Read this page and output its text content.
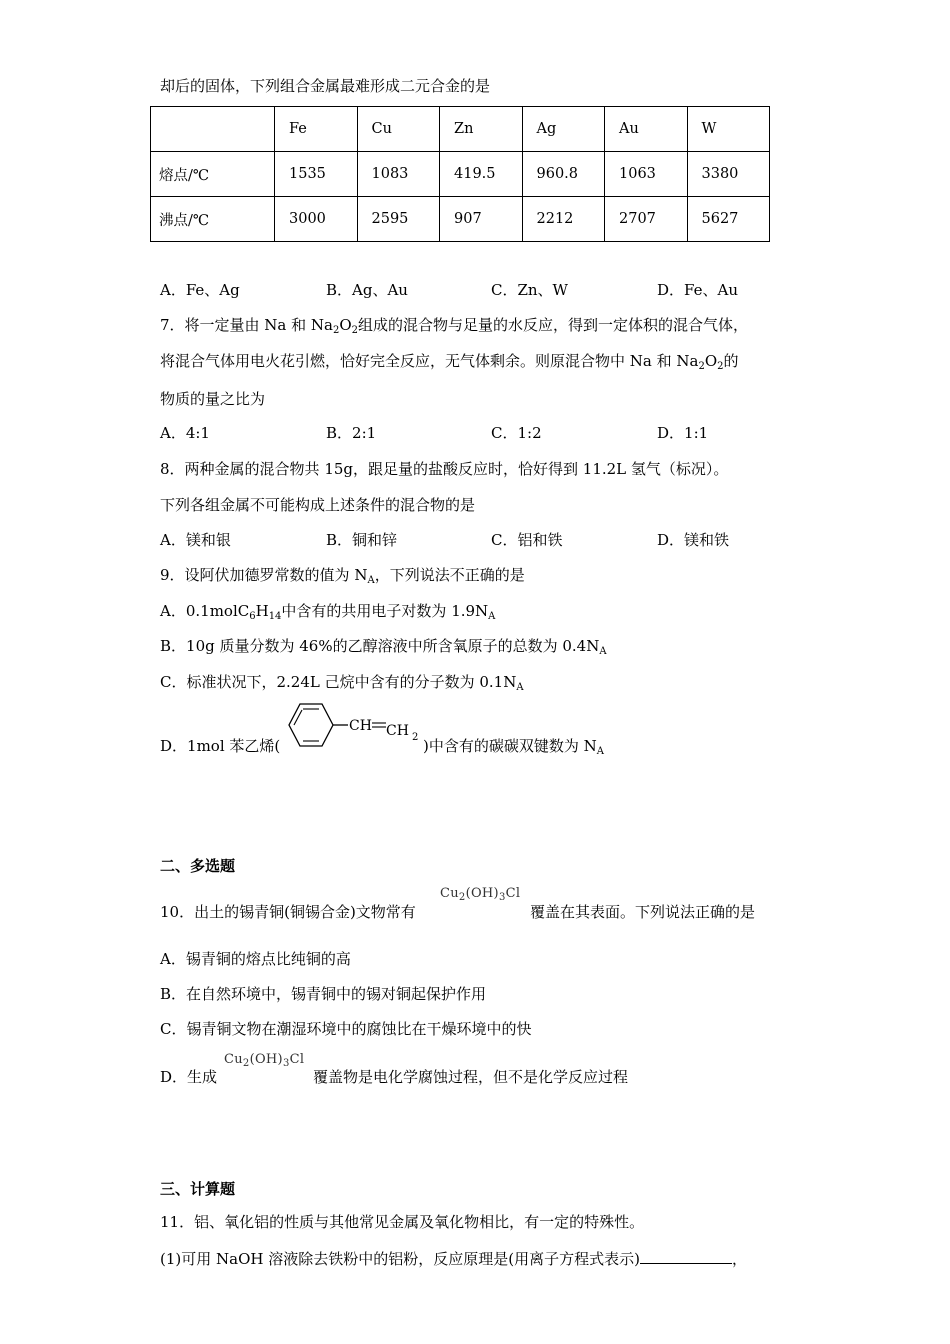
却后的固体，下列组合金属最难形成二元合金的是
	Fe	Cu	Zn	Ag	Au	W
熔点/℃	1535	1083	419.5	960.8	1063	3380
沸点/℃	3000	2595	907	2212	2707	5627
A．Fe、Ag	B．Ag、Au	C．Zn、W	D．Fe、Au
7．将一定量由 Na 和 $Na_2O_2$组成的混合物与足量的水反应，得到一定体积的混合气体，
将混合气体用电火花引燃，恰好完全反应，无气体剩余。则原混合物中 Na 和 $Na_2O_2$的
物质的量之比为
A．4:1	B．2:1	C．1:2	D．1:1
8．两种金属的混合物共 15g，跟足量的盐酸反应时，恰好得到 11.2L 氢气（标况）。
下列各组金属不可能构成上述条件的混合物的是
A．镁和银	B．铜和锌	C．铝和铁	D．镁和铁
9．设阿伏加德罗常数的值为 $N_A$，下列说法不正确的是
A．$0.1molC_6H_{14}$中含有的共用电子对数为 $1.9N_A$
B．10g 质量分数为 46%的乙醇溶液中所含氧原子的总数为 $0.4N_A$
C．标准状况下，2.24L 己烷中含有的分子数为 $0.1N_A$
D．1mol 苯乙烯(
CH CH 2 )中含有的碳碳双键数为 $N_A$
二、多选题
10．出土的锡青铜(铜锡合金)文物常有
$Cu_2(OH)_3Cl$
覆盖在其表面。下列说法正确的是
A．锡青铜的熔点比纯铜的高
B．在自然环境中，锡青铜中的锡对铜起保护作用
C．锡青铜文物在潮湿环境中的腐蚀比在干燥环境中的快
D．生成
$Cu_2(OH)_3Cl$
覆盖物是电化学腐蚀过程，但不是化学反应过程
三、计算题
11．铝、氧化铝的性质与其他常见金属及氧化物相比，有一定的特殊性。
(1)可用 NaOH 溶液除去铁粉中的铝粉，反应原理是(用离子方程式表示)	，
